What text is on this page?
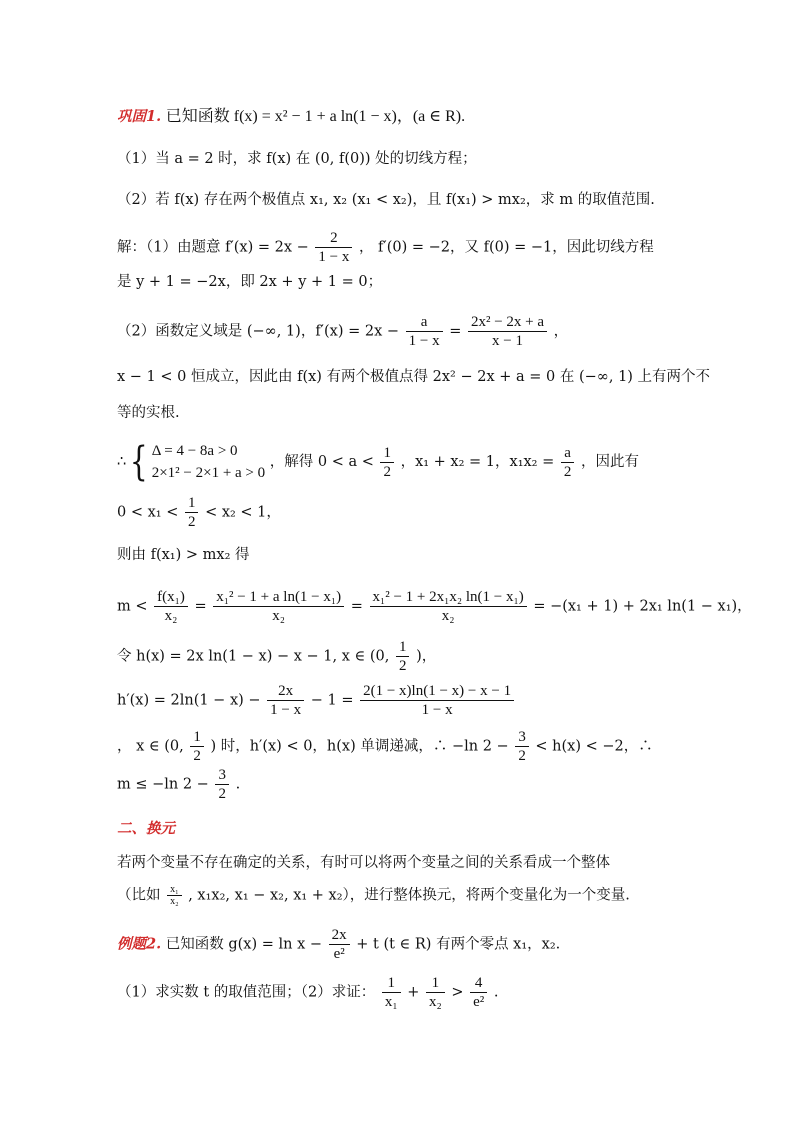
巩固1. 已知函数 f(x) = x² − 1 + a ln(1 − x)，(a ∈ R).
（1）当 a = 2 时，求 f(x) 在 (0, f(0)) 处的切线方程；
（2）若 f(x) 存在两个极值点 x₁, x₂ (x₁ < x₂)，且 f(x₁) > mx₂，求 m 的取值范围.
解：（1）由题意 $f'(x) = 2x - \frac{2}{1 - x}$ ， f′(0) = −2，又 f(0) = −1，因此切线方程
是 y + 1 = −2x，即 2x + y + 1 = 0；
（2）函数定义域是 (−∞, 1)，$f'(x) = 2x - \frac{a}{1 - x} = \frac{\text{2x² − 2x + a}}{x - 1}$ ，
x − 1 < 0 恒成立，因此由 f(x) 有两个极值点得 2x² − 2x + a = 0 在 (−∞, 1) 上有两个不
等的实根.
∴{ Δ = 4 − 8a > 0
2×1² − 2×1 + a > 0
，解得 $0 < a < \frac{1}{2}$ ，x₁ + x₂ = 1，$x_1x_2 = \frac{a}{2}$ ，因此有
$0 < x_1 < \frac{1}{2} < x_2 < 1$，
则由 f(x₁) > mx₂ 得
$m < \frac{\text{f(x₁)}}{\text{x₂}} = \frac{\text{x₁² − 1 + a ln(1 − x₁)}}{\text{x₂}} = \frac{\text{x₁² − 1 + 2x₁x₂ ln(1 − x₁)}}{\text{x₂}} = -(x_1 + 1) + 2x_1$ ln(1 − x₁)，
令 h(x) = 2x ln(1 − x) − x − 1, x ∈ (0, $\frac{1}{2}$ )，
$h'(x) = 2\ln(1 - x) - \frac{2x}{1 - x} - 1 = \frac{2(1 - x)\ln(1 - x) - x - 1}{1 - x}$
， x ∈ (0, $\frac{1}{2}$ ) 时，h′(x) < 0，h(x) 单调递减，∴ −ln $2 - \frac{3}{2} < h(x) < -2$，∴
m ≤ −ln $2 - \frac{3}{2}$ .
二、换元
若两个变量不存在确定的关系，有时可以将两个变量之间的关系看成一个整体
（比如 $\frac{\text{x₁}}{\text{x₂}}$ , x₁x₂, x₁ − x₂, x₁ + x₂），进行整体换元，将两个变量化为一个变量.
例题2. 已知函数 $g(x) = \ln x - \frac{2x}{\text{e²}} + t$ (t ∈ R) 有两个零点 x₁，x₂.
（1）求实数 t 的取值范围；（2）求证： $\frac{1}{\text{x₁}} + \frac{1}{\text{x₂}} > \frac{4}{\text{e²}}$ .
